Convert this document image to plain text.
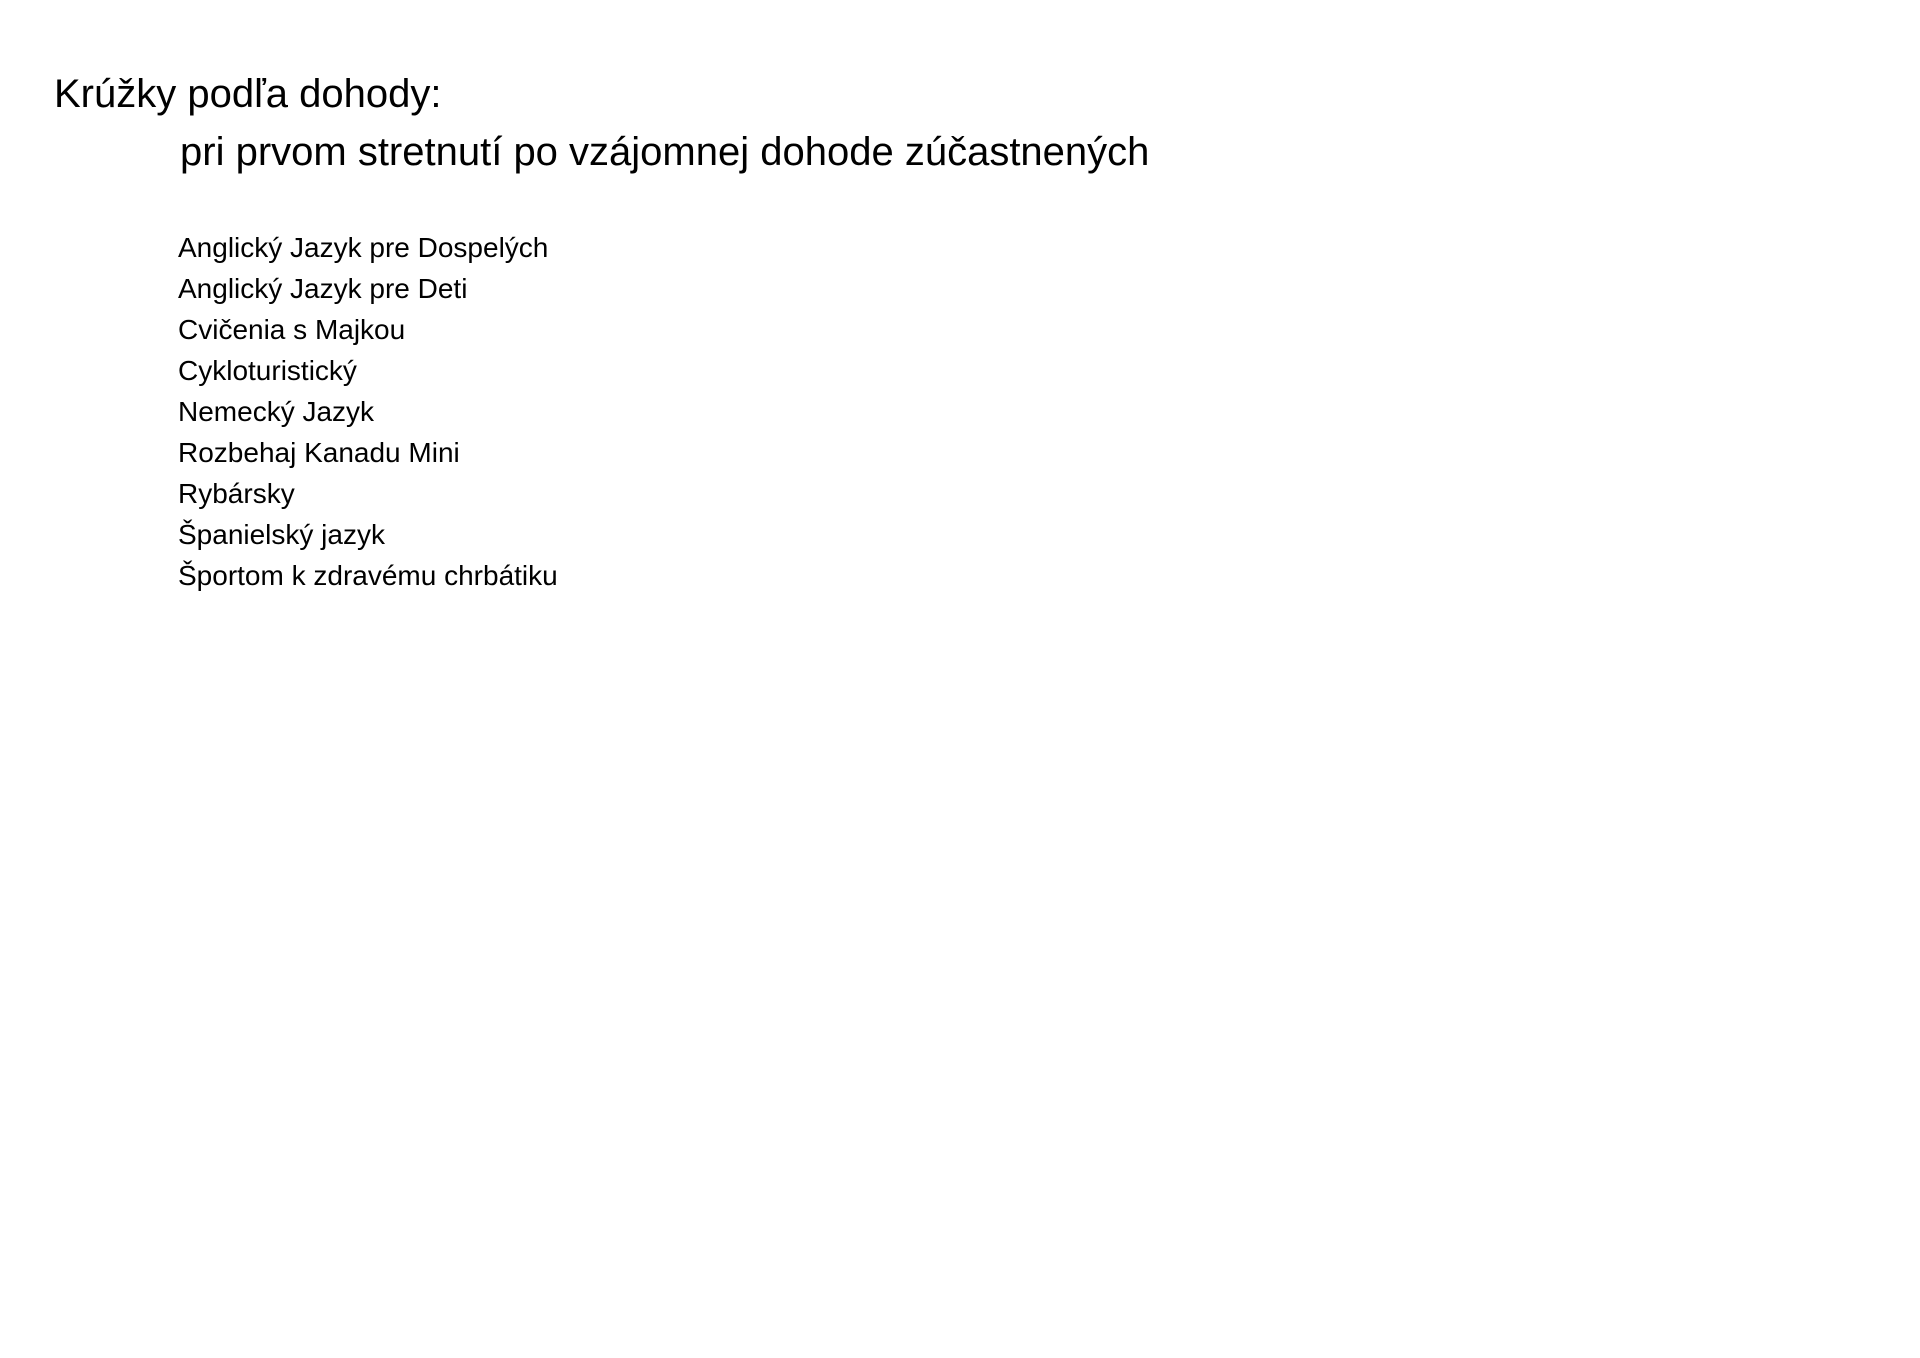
Krúžky podľa dohody:
pri prvom stretnutí po vzájomnej dohode zúčastnených
Anglický Jazyk pre Dospelých
Anglický Jazyk pre Deti
Cvičenia s Majkou
Cykloturistický
Nemecký Jazyk
Rozbehaj Kanadu Mini
Rybársky
Španielský jazyk
Športom k zdravému chrbátiku
